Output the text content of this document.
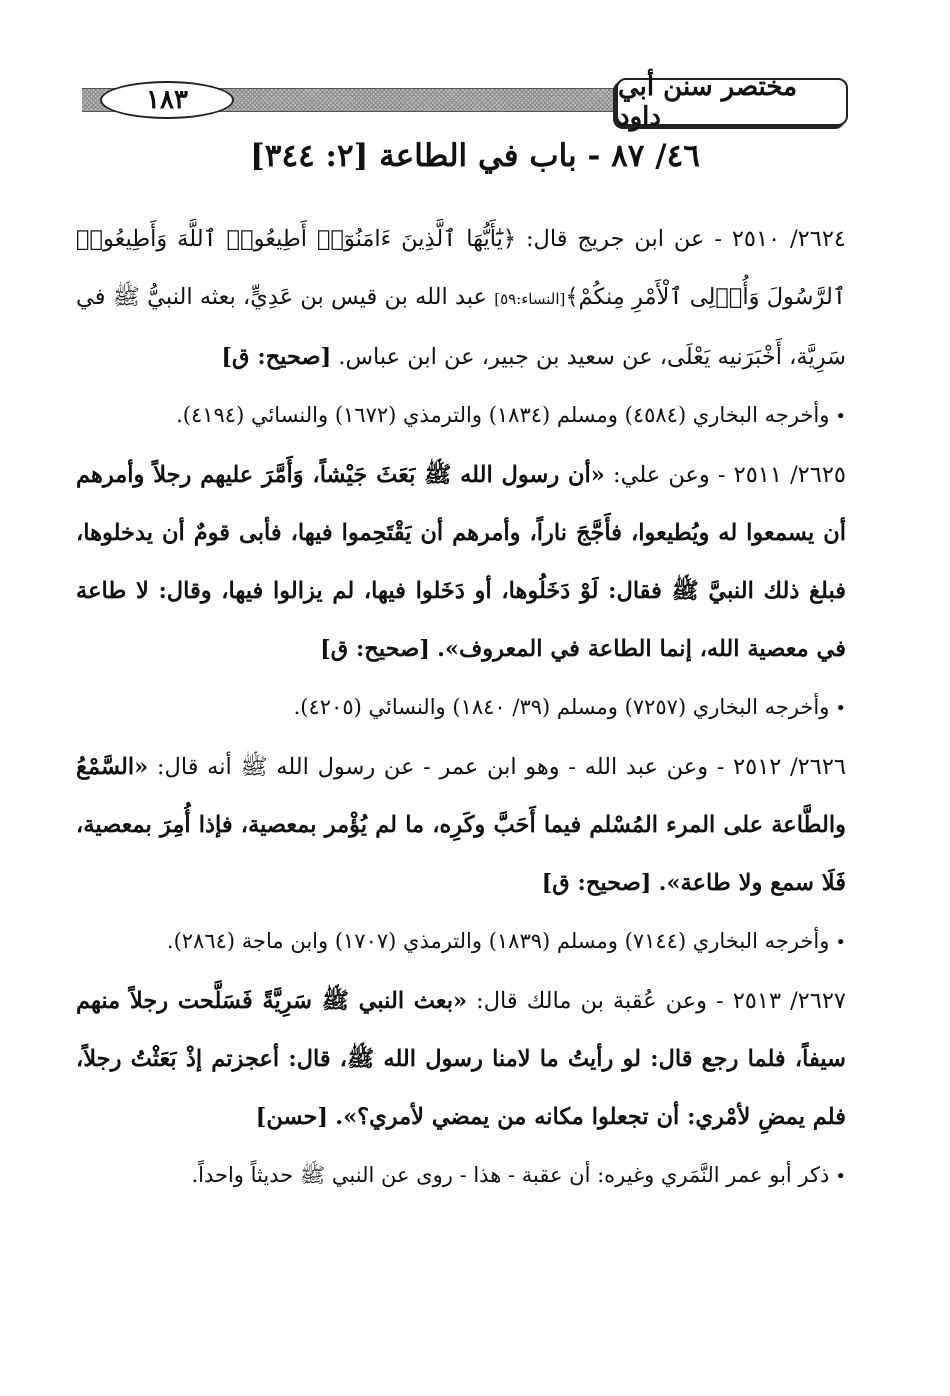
١٨٣	مختصر سنن أبي داود
٤٦/ ٨٧ - باب في الطاعة [٢: ٣٤٤]

٢٦٢٤/ ٢٥١٠ - عن ابن جريج قال: ﴿يَٰٓأَيُّهَا ٱلَّذِينَ ءَامَنُوٓا۟ أَطِيعُوا۟ ٱللَّهَ وَأَطِيعُوا۟ ٱلرَّسُولَ وَأُو۟لِى ٱلْأَمْرِ مِنكُمْ﴾[النساء:٥٩] عبد الله بن قيس بن عَدِيٍّ، بعثه النبيُّ ﷺ في سَرِيَّة، أَخْبَرَنيه يَعْلَى، عن سعيد بن جبير، عن ابن عباس. [صحيح: ق]

•وأخرجه البخاري (٤٥٨٤) ومسلم (١٨٣٤) والترمذي (١٦٧٢) والنسائي (٤١٩٤).

٢٦٢٥/ ٢٥١١ - وعن علي: «أن رسول الله ﷺ بَعَثَ جَيْشاً، وَأَمَّرَ عليهم رجلاً وأمرهم أن يسمعوا له ويُطيعوا، فأَجَّجَ ناراً، وأمرهم أن يَقْتَحِموا فيها، فأبى قومٌ أن يدخلوها، فبلغ ذلك النبيَّ ﷺ فقال: لَوْ دَخَلُوها، أو دَخَلوا فيها، لم يزالوا فيها، وقال: لا طاعة في معصية الله، إنما الطاعة في المعروف». [صحيح: ق]

•وأخرجه البخاري (٧٢٥٧) ومسلم (٣٩/ ١٨٤٠) والنسائي (٤٢٠٥).

٢٦٢٦/ ٢٥١٢ - وعن عبد الله - وهو ابن عمر - عن رسول الله ﷺ أنه قال: «السَّمْعُ والطَّاعة على المرء المُسْلم فيما أَحَبَّ وكَرِه، ما لم يُؤْمر بمعصية، فإذا أُمِرَ بمعصية، فَلَا سمع ولا طاعة». [صحيح: ق]

•وأخرجه البخاري (٧١٤٤) ومسلم (١٨٣٩) والترمذي (١٧٠٧) وابن ماجة (٢٨٦٤).

٢٦٢٧/ ٢٥١٣ - وعن عُقبة بن مالك قال: «بعث النبي ﷺ سَرِيَّةً فَسَلَّحت رجلاً منهم سيفاً، فلما رجع قال: لو رأيتُ ما لامنا رسول الله ﷺ، قال: أعجزتم إذْ بَعَثْتُ رجلاً، فلم يمضِ لأمْري: أن تجعلوا مكانه من يمضي لأمري؟». [حسن]

•ذكر أبو عمر النَّمَري وغيره: أن عقبة - هذا - روى عن النبي ﷺ حديثاً واحداً.
